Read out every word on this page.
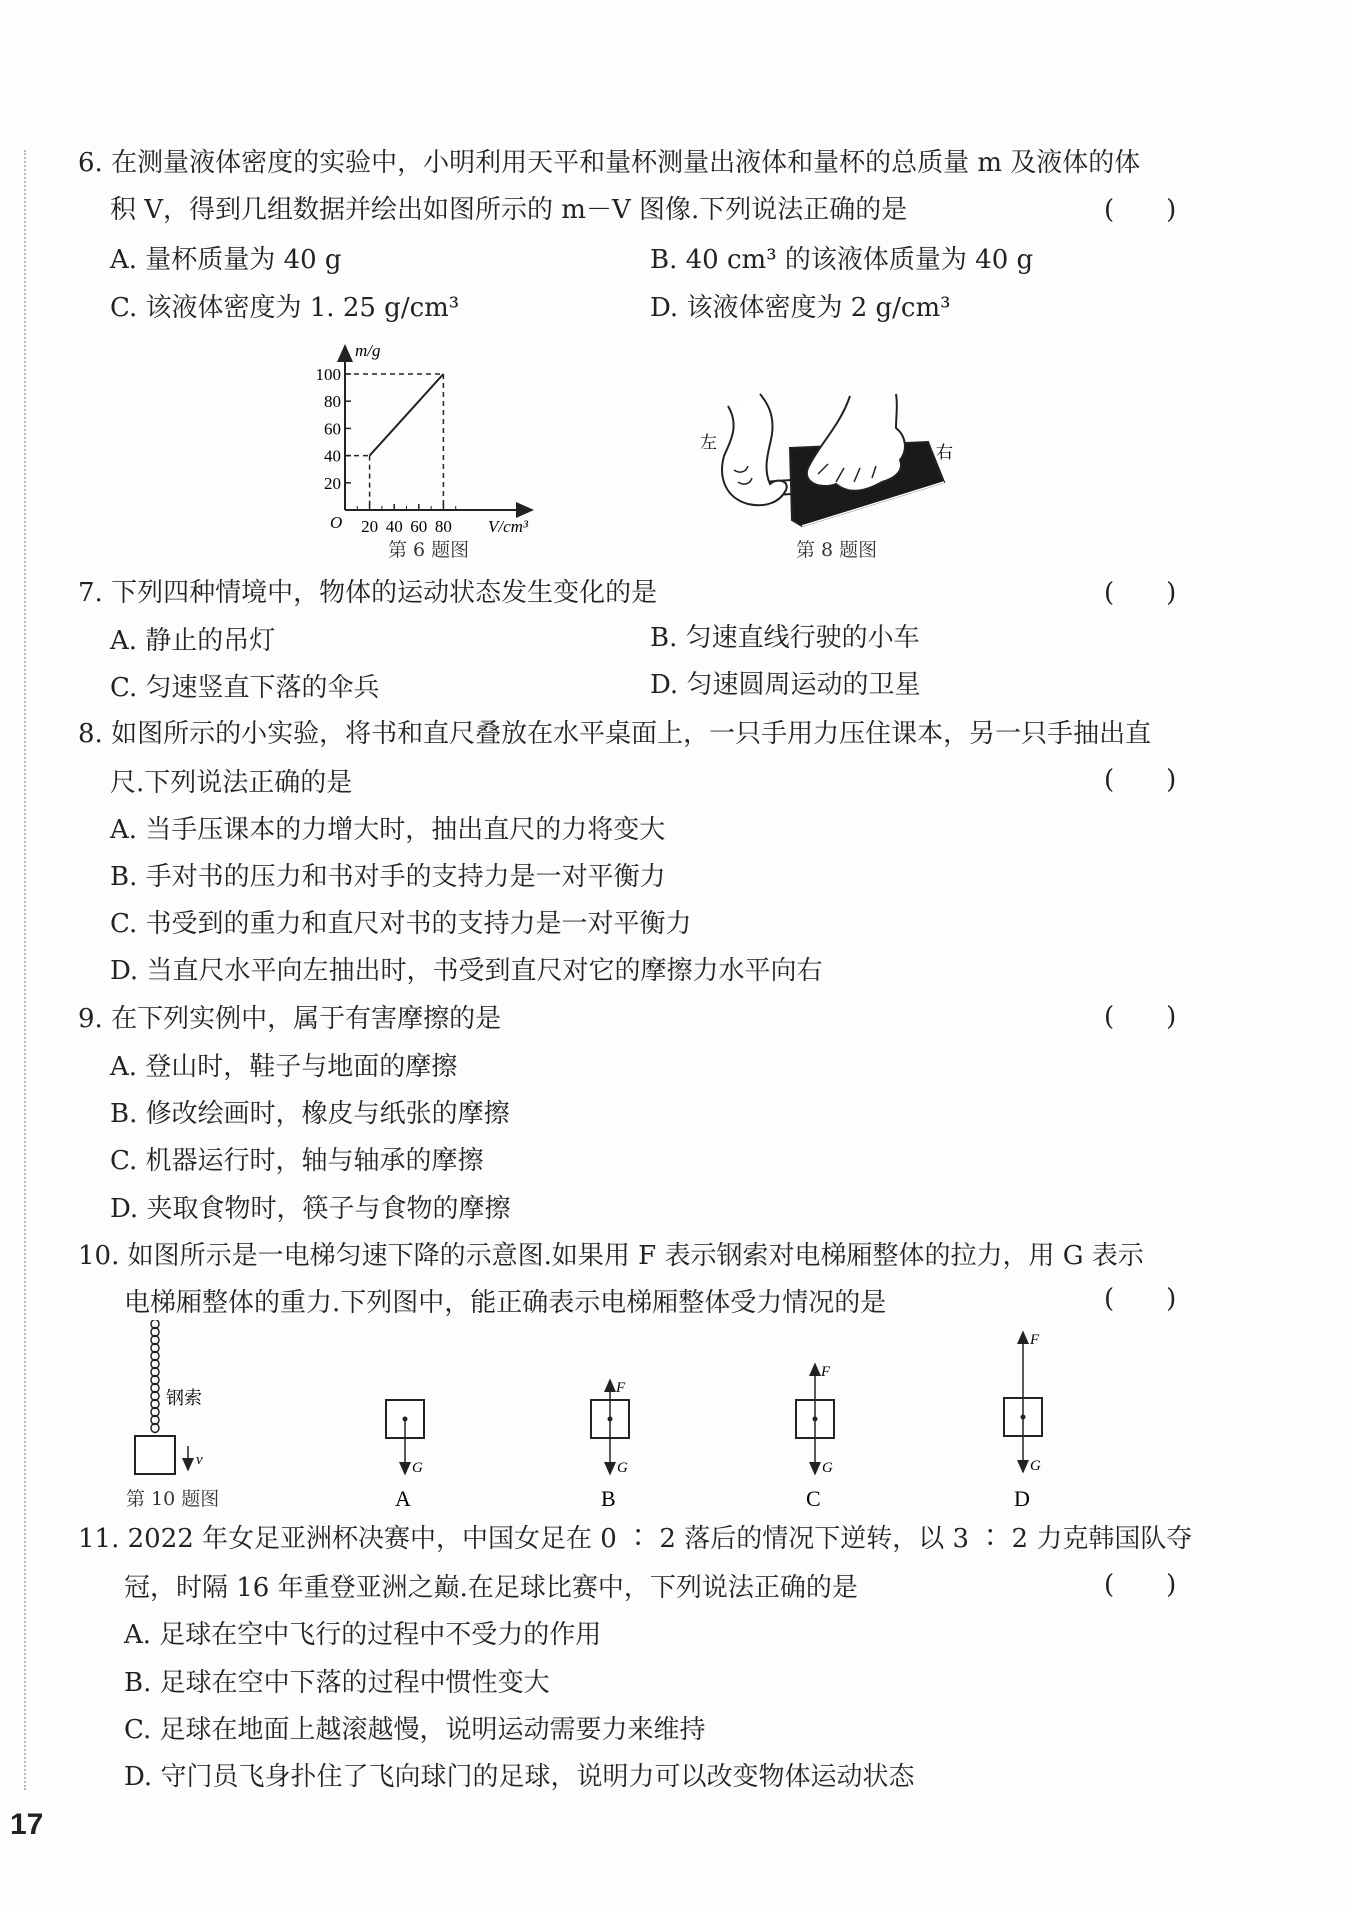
6. 在测量液体密度的实验中，小明利用天平和量杯测量出液体和量杯的总质量 m 及液体的体
积 V，得到几组数据并绘出如图所示的 m－V 图像.下列说法正确的是	(　　)
A. 量杯质量为 40 g	B. 40 cm³ 的该液体质量为 40 g
C. 该液体密度为 1. 25 g/cm³	D. 该液体密度为 2 g/cm³
m/g
V/cm³
O
100
80
60
40
20
20 40 60 80
第 6 题图
左
右
第 8 题图
7. 下列四种情境中，物体的运动状态发生变化的是	(　　)
A. 静止的吊灯	B. 匀速直线行驶的小车
C. 匀速竖直下落的伞兵	D. 匀速圆周运动的卫星
8. 如图所示的小实验，将书和直尺叠放在水平桌面上，一只手用力压住课本，另一只手抽出直
尺.下列说法正确的是	(　　)
A. 当手压课本的力增大时，抽出直尺的力将变大
B. 手对书的压力和书对手的支持力是一对平衡力
C. 书受到的重力和直尺对书的支持力是一对平衡力
D. 当直尺水平向左抽出时，书受到直尺对它的摩擦力水平向右
9. 在下列实例中，属于有害摩擦的是	(　　)
A. 登山时，鞋子与地面的摩擦
B. 修改绘画时，橡皮与纸张的摩擦
C. 机器运行时，轴与轴承的摩擦
D. 夹取食物时，筷子与食物的摩擦
10. 如图所示是一电梯匀速下降的示意图.如果用 F 表示钢索对电梯厢整体的拉力，用 G 表示
电梯厢整体的重力.下列图中，能正确表示电梯厢整体受力情况的是	(　　)
v
钢索
G
A
F
G
B
F
G
C
F
G
D
第 10 题图
11. 2022 年女足亚洲杯决赛中，中国女足在 0 ∶ 2 落后的情况下逆转，以 3 ∶ 2 力克韩国队夺
冠，时隔 16 年重登亚洲之巅.在足球比赛中，下列说法正确的是	(　　)
A. 足球在空中飞行的过程中不受力的作用
B. 足球在空中下落的过程中惯性变大
C. 足球在地面上越滚越慢，说明运动需要力来维持
D. 守门员飞身扑住了飞向球门的足球，说明力可以改变物体运动状态
17
